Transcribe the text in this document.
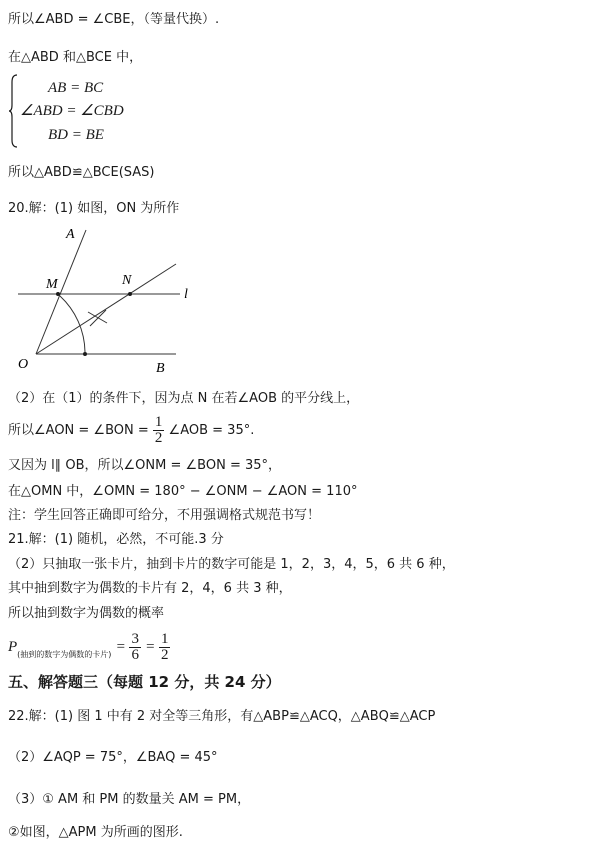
所以∠ABD = ∠CBE，（等量代换）.
在△ABD 和△BCE 中，
AB = BC
∠ABD = ∠CBD
BD = BE
所以△ABD≌△BCE(SAS)
20.解：(1) 如图，ON 为所作
A
M	N
l
O	B
（2）在（1）的条件下，因为点 N 在若∠AOB 的平分线上，
所以∠AON = ∠BON = $\frac{1}{2}$ ∠AOB = 35°.
又因为 l∥ OB，所以∠ONM = ∠BON = 35°，
在△OMN 中，∠OMN = 180° − ∠ONM − ∠AON = 110°
注：学生回答正确即可给分，不用强调格式规范书写！
21.解：(1) 随机，必然，不可能.3 分
（2）只抽取一张卡片，抽到卡片的数字可能是 1，2，3，4，5，6 共 6 种，
其中抽到数字为偶数的卡片有 2，4，6 共 3 种，
所以抽到数字为偶数的概率
$P_{(抽到的数字为偶数的卡片)} = \frac{3}{6} = \frac{1}{2}$
五、解答题三（每题 12 分，共 24 分）
22.解：(1) 图 1 中有 2 对全等三角形，有△ABP≌△ACQ，△ABQ≌△ACP
（2）∠AQP = 75°，∠BAQ = 45°
（3）① AM 和 PM 的数量关 AM = PM，
②如图，△APM 为所画的图形.
